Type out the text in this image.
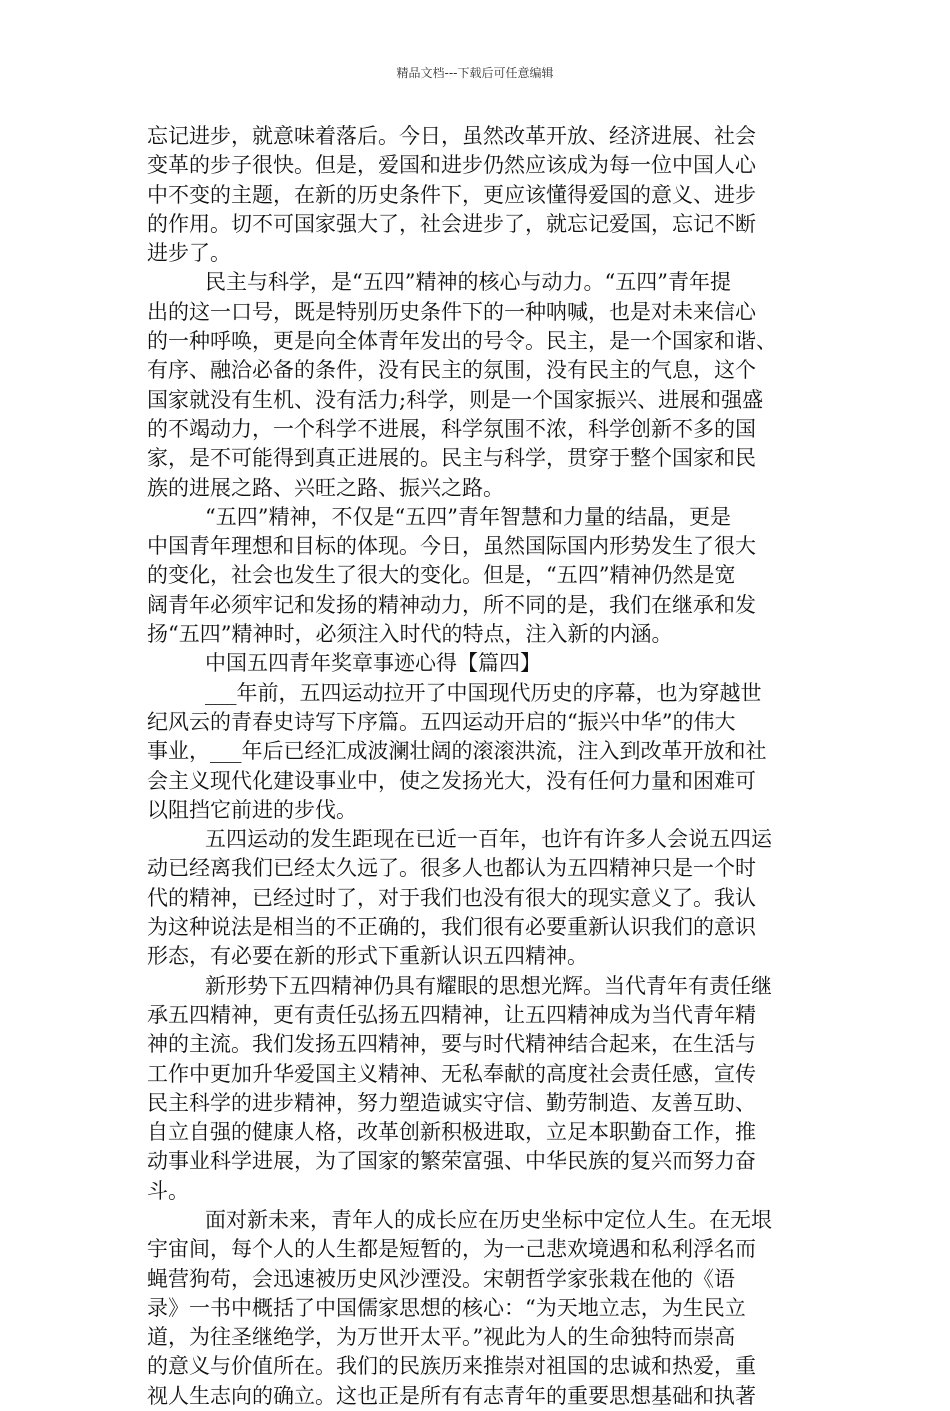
精品文档---下载后可任意编辑
忘记进步，就意味着落后。今日，虽然改革开放、经济进展、社会
变革的步子很快。但是，爱国和进步仍然应该成为每一位中国人心
中不变的主题，在新的历史条件下，更应该懂得爱国的意义、进步
的作用。切不可国家强大了，社会进步了，就忘记爱国，忘记不断
进步了。
民主与科学，是“五四”精神的核心与动力。“五四”青年提
出的这一口号，既是特别历史条件下的一种呐喊，也是对未来信心
的一种呼唤，更是向全体青年发出的号令。民主，是一个国家和谐、
有序、融洽必备的条件，没有民主的氛围，没有民主的气息，这个
国家就没有生机、没有活力;科学，则是一个国家振兴、进展和强盛
的不竭动力，一个科学不进展，科学氛围不浓，科学创新不多的国
家，是不可能得到真正进展的。民主与科学，贯穿于整个国家和民
族的进展之路、兴旺之路、振兴之路。
“五四”精神，不仅是“五四”青年智慧和力量的结晶，更是
中国青年理想和目标的体现。今日，虽然国际国内形势发生了很大
的变化，社会也发生了很大的变化。但是，“五四”精神仍然是宽
阔青年必须牢记和发扬的精神动力，所不同的是，我们在继承和发
扬“五四”精神时，必须注入时代的特点，注入新的内涵。
中国五四青年奖章事迹心得【篇四】
___年前，五四运动拉开了中国现代历史的序幕，也为穿越世
纪风云的青春史诗写下序篇。五四运动开启的“振兴中华”的伟大
事业，___年后已经汇成波澜壮阔的滚滚洪流，注入到改革开放和社
会主义现代化建设事业中，使之发扬光大，没有任何力量和困难可
以阻挡它前进的步伐。
五四运动的发生距现在已近一百年，也许有许多人会说五四运
动已经离我们已经太久远了。很多人也都认为五四精神只是一个时
代的精神，已经过时了，对于我们也没有很大的现实意义了。我认
为这种说法是相当的不正确的，我们很有必要重新认识我们的意识
形态，有必要在新的形式下重新认识五四精神。
新形势下五四精神仍具有耀眼的思想光辉。当代青年有责任继
承五四精神，更有责任弘扬五四精神，让五四精神成为当代青年精
神的主流。我们发扬五四精神，要与时代精神结合起来，在生活与
工作中更加升华爱国主义精神、无私奉献的高度社会责任感，宣传
民主科学的进步精神，努力塑造诚实守信、勤劳制造、友善互助、
自立自强的健康人格，改革创新积极进取，立足本职勤奋工作，推
动事业科学进展，为了国家的繁荣富强、中华民族的复兴而努力奋
斗。
面对新未来，青年人的成长应在历史坐标中定位人生。在无垠
宇宙间，每个人的人生都是短暂的，为一己悲欢境遇和私利浮名而
蝇营狗苟，会迅速被历史风沙湮没。宋朝哲学家张栽在他的《语
录》一书中概括了中国儒家思想的核心：“为天地立志，为生民立
道，为往圣继绝学，为万世开太平。”视此为人的生命独特而崇高
的意义与价值所在。我们的民族历来推崇对祖国的忠诚和热爱，重
视人生志向的确立。这也正是所有有志青年的重要思想基础和执著
